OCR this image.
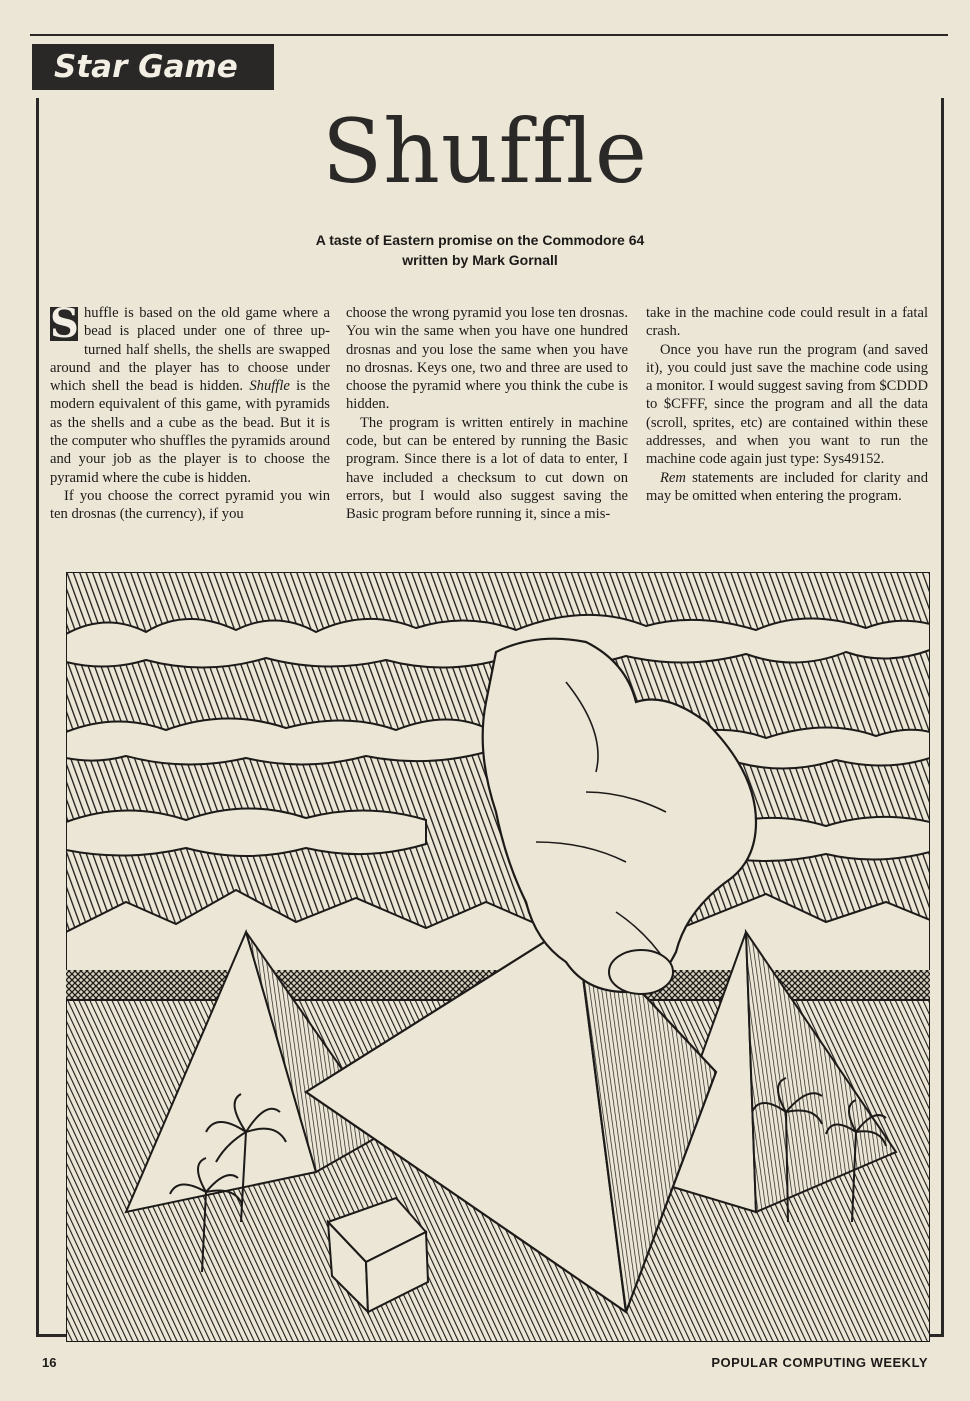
Star Game
Shuffle
A taste of Eastern promise on the Commodore 64
written by Mark Gornall

S huffle is based on the old game where a bead is placed under one of three up-turned half shells, the shells are swapped around and the player has to choose under which shell the bead is hidden. Shuffle is the modern equivalent of this game, with pyramids as the shells and a cube as the bead. But it is the computer who shuffles the pyramids around and your job as the player is to choose the pyramid where the cube is hidden.

If you choose the correct pyramid you win ten drosnas (the currency), if you

choose the wrong pyramid you lose ten drosnas. You win the same when you have one hundred drosnas and you lose the same when you have no drosnas. Keys one, two and three are used to choose the pyramid where you think the cube is hidden.

The program is written entirely in machine code, but can be entered by running the Basic program. Since there is a lot of data to enter, I have included a checksum to cut down on errors, but I would also suggest saving the Basic program before running it, since a mis-

take in the machine code could result in a fatal crash.

Once you have run the program (and saved it), you could just save the machine code using a monitor. I would suggest saving from $CDDD to $CFFF, since the program and all the data (scroll, sprites, etc) are contained within these addresses, and when you want to run the machine code again just type: Sys49152.

Rem statements are included for clarity and may be omitted when entering the program.

16	POPULAR COMPUTING WEEKLY
